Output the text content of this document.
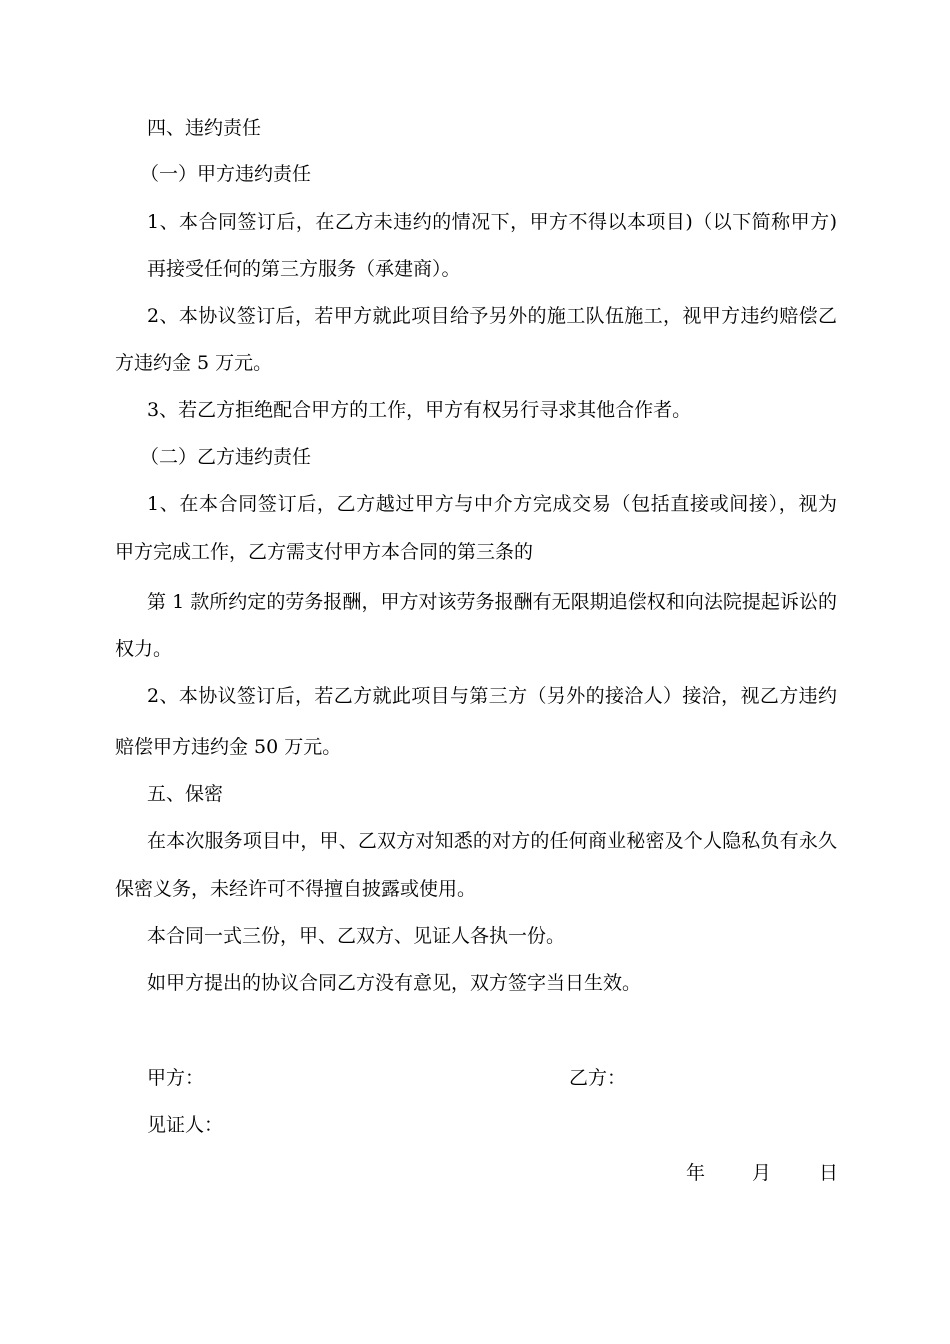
四、违约责任
（一）甲方违约责任
1、本合同签订后，在乙方未违约的情况下，甲方不得以本项目)（以下简称甲方)
再接受任何的第三方服务（承建商）。
2、本协议签订后，若甲方就此项目给予另外的施工队伍施工，视甲方违约赔偿乙
方违约金 5 万元。
3、若乙方拒绝配合甲方的工作，甲方有权另行寻求其他合作者。
（二）乙方违约责任
1、在本合同签订后，乙方越过甲方与中介方完成交易（包括直接或间接），视为
甲方完成工作，乙方需支付甲方本合同的第三条的
第 1 款所约定的劳务报酬，甲方对该劳务报酬有无限期追偿权和向法院提起诉讼的
权力。
2、本协议签订后，若乙方就此项目与第三方（另外的接洽人）接洽，视乙方违约
赔偿甲方违约金 50 万元。
五、保密
在本次服务项目中，甲、乙双方对知悉的对方的任何商业秘密及个人隐私负有永久
保密义务，未经许可不得擅自披露或使用。
本合同一式三份，甲、乙双方、见证人各执一份。
如甲方提出的协议合同乙方没有意见，双方签字当日生效。
甲方：	乙方：
见证人：
年 月	日
